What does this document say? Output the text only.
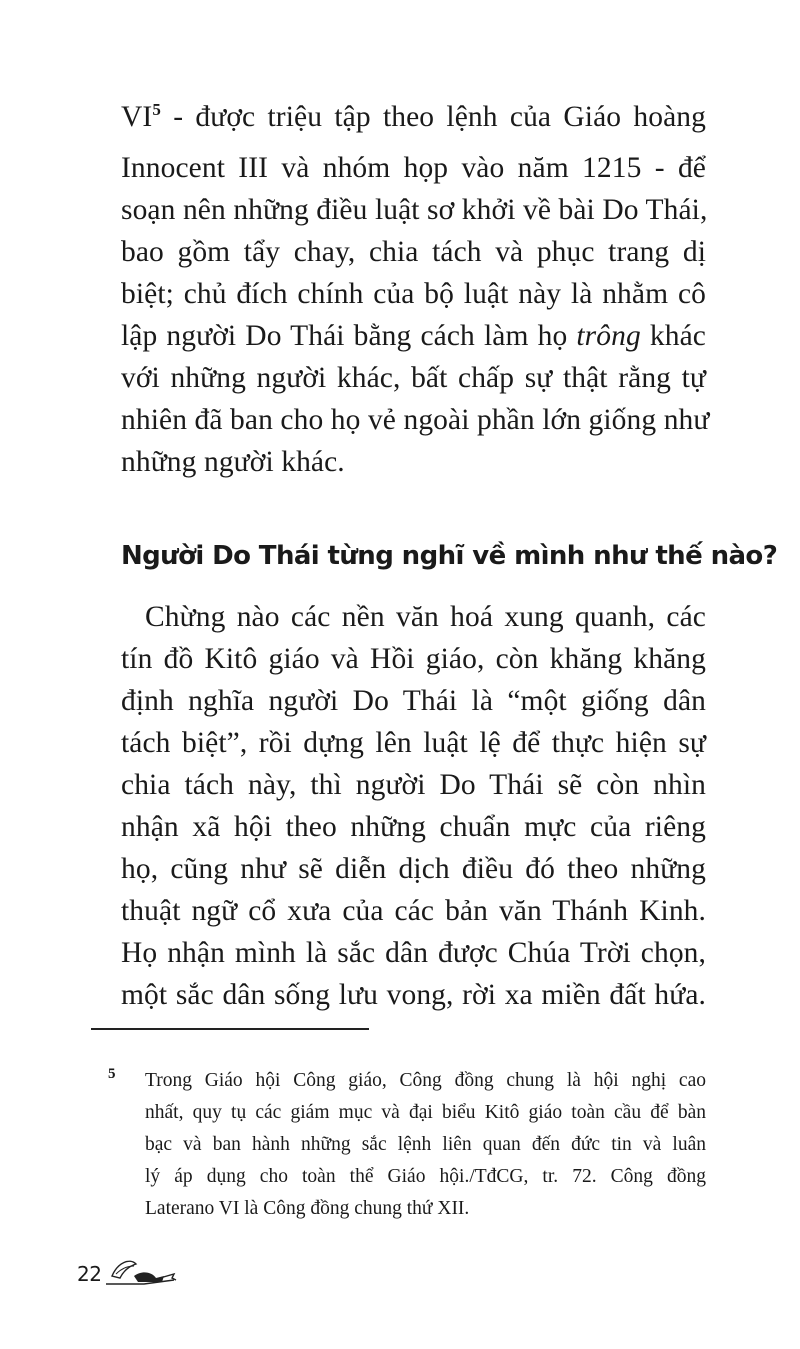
VI$^5$ - được triệu tập theo lệnh của Giáo hoàng
Innocent III và nhóm họp vào năm 1215 - để
soạn nên những điều luật sơ khởi về bài Do Thái,
bao gồm tẩy chay, chia tách và phục trang dị
biệt; chủ đích chính của bộ luật này là nhằm cô
lập người Do Thái bằng cách làm họ trông khác
với những người khác, bất chấp sự thật rằng tự
nhiên đã ban cho họ vẻ ngoài phần lớn giống như
những người khác.
Người Do Thái từng nghĩ về mình như thế nào?
Chừng nào các nền văn hoá xung quanh, các
tín đồ Kitô giáo và Hồi giáo, còn khăng khăng
định nghĩa người Do Thái là “một giống dân
tách biệt”, rồi dựng lên luật lệ để thực hiện sự
chia tách này, thì người Do Thái sẽ còn nhìn
nhận xã hội theo những chuẩn mực của riêng
họ, cũng như sẽ diễn dịch điều đó theo những
thuật ngữ cổ xưa của các bản văn Thánh Kinh.
Họ nhận mình là sắc dân được Chúa Trời chọn,
một sắc dân sống lưu vong, rời xa miền đất hứa.
5 Trong Giáo hội Công giáo, Công đồng chung là hội nghị cao
nhất, quy tụ các giám mục và đại biểu Kitô giáo toàn cầu để bàn
bạc và ban hành những sắc lệnh liên quan đến đức tin và luân
lý áp dụng cho toàn thể Giáo hội./TđCG, tr. 72. Công đồng
Laterano VI là Công đồng chung thứ XII.
22
